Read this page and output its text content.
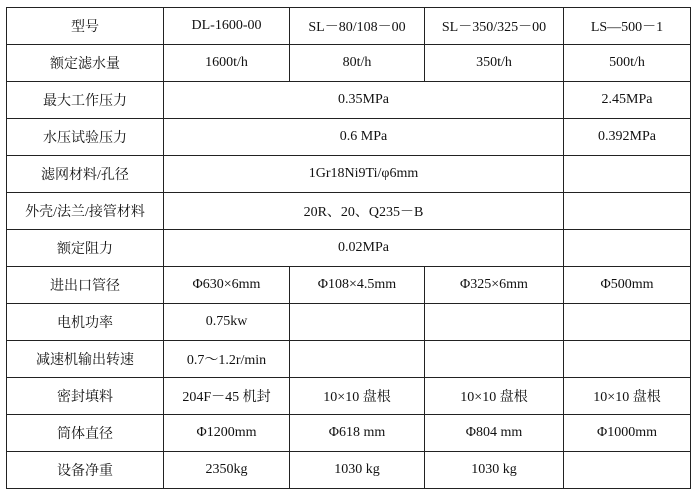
型号	DL-1600-00	SL－80/108－00	SL－350/325－00	LS—500－1
额定滤水量	1600t/h	80t/h	350t/h	500t/h
最大工作压力	0.35MPa			2.45MPa
水压试验压力	0.6 MPa			0.392MPa
滤网材料/孔径	1Gr18Ni9Ti/φ6mm			
外壳/法兰/接管材料	20R、20、Q235－B			
额定阻力	0.02MPa			
进出口管径	Φ630×6mm	Φ108×4.5mm	Φ325×6mm	Φ500mm
电机功率	0.75kw			
减速机输出转速	0.7～1.2r/min			
密封填料	204F－45 机封	10×10 盘根	10×10 盘根	10×10 盘根
筒体直径	Φ1200mm	Φ618 mm	Φ804 mm	Φ1000mm
设备净重	2350kg	1030 kg	1030 kg	
